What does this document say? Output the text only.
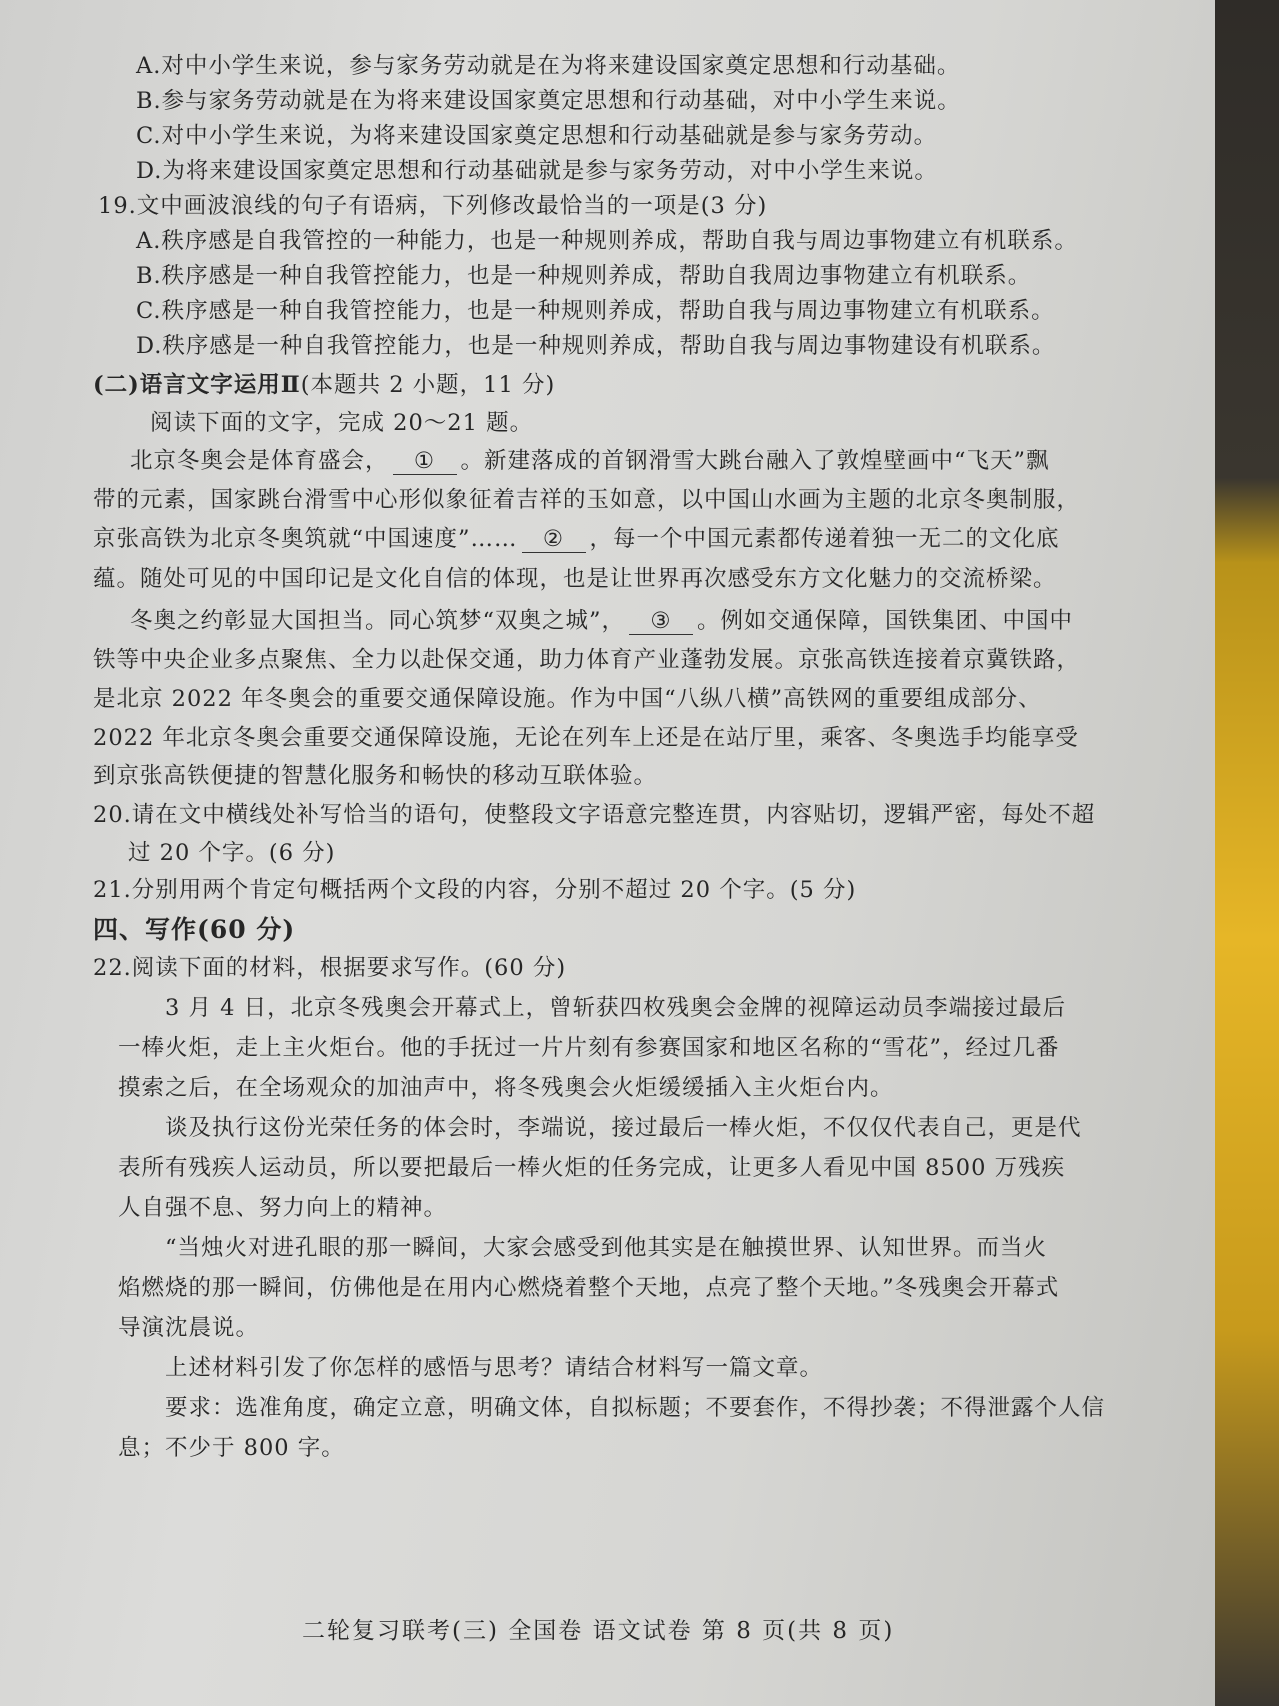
A.对中小学生来说，参与家务劳动就是在为将来建设国家奠定思想和行动基础。
B.参与家务劳动就是在为将来建设国家奠定思想和行动基础，对中小学生来说。
C.对中小学生来说，为将来建设国家奠定思想和行动基础就是参与家务劳动。
D.为将来建设国家奠定思想和行动基础就是参与家务劳动，对中小学生来说。
19.文中画波浪线的句子有语病，下列修改最恰当的一项是(3 分)
A.秩序感是自我管控的一种能力，也是一种规则养成，帮助自我与周边事物建立有机联系。
B.秩序感是一种自我管控能力，也是一种规则养成，帮助自我周边事物建立有机联系。
C.秩序感是一种自我管控能力，也是一种规则养成，帮助自我与周边事物建立有机联系。
D.秩序感是一种自我管控能力，也是一种规则养成，帮助自我与周边事物建设有机联系。
(二)语言文字运用Ⅱ(本题共 2 小题，11 分)
阅读下面的文字，完成 20～21 题。
北京冬奥会是体育盛会， ① 。新建落成的首钢滑雪大跳台融入了敦煌壁画中“飞天”飘
带的元素，国家跳台滑雪中心形似象征着吉祥的玉如意，以中国山水画为主题的北京冬奥制服，
京张高铁为北京冬奥筑就“中国速度”…… ② ，每一个中国元素都传递着独一无二的文化底
蕴。随处可见的中国印记是文化自信的体现，也是让世界再次感受东方文化魅力的交流桥梁。
冬奥之约彰显大国担当。同心筑梦“双奥之城”， ③ 。例如交通保障，国铁集团、中国中
铁等中央企业多点聚焦、全力以赴保交通，助力体育产业蓬勃发展。京张高铁连接着京冀铁路，
是北京 2022 年冬奥会的重要交通保障设施。作为中国“八纵八横”高铁网的重要组成部分、
2022 年北京冬奥会重要交通保障设施，无论在列车上还是在站厅里，乘客、冬奥选手均能享受
到京张高铁便捷的智慧化服务和畅快的移动互联体验。
20.请在文中横线处补写恰当的语句，使整段文字语意完整连贯，内容贴切，逻辑严密，每处不超
过 20 个字。(6 分)
21.分别用两个肯定句概括两个文段的内容，分别不超过 20 个字。(5 分)
四、写作(60 分)
22.阅读下面的材料，根据要求写作。(60 分)
3 月 4 日，北京冬残奥会开幕式上，曾斩获四枚残奥会金牌的视障运动员李端接过最后
一棒火炬，走上主火炬台。他的手抚过一片片刻有参赛国家和地区名称的“雪花”，经过几番
摸索之后，在全场观众的加油声中，将冬残奥会火炬缓缓插入主火炬台内。
谈及执行这份光荣任务的体会时，李端说，接过最后一棒火炬，不仅仅代表自己，更是代
表所有残疾人运动员，所以要把最后一棒火炬的任务完成，让更多人看见中国 8500 万残疾
人自强不息、努力向上的精神。
“当烛火对进孔眼的那一瞬间，大家会感受到他其实是在触摸世界、认知世界。而当火
焰燃烧的那一瞬间，仿佛他是在用内心燃烧着整个天地，点亮了整个天地。”冬残奥会开幕式
导演沈晨说。
上述材料引发了你怎样的感悟与思考？请结合材料写一篇文章。
要求：选准角度，确定立意，明确文体，自拟标题；不要套作，不得抄袭；不得泄露个人信
息；不少于 800 字。
二轮复习联考(三) 全国卷 语文试卷 第 8 页(共 8 页)
